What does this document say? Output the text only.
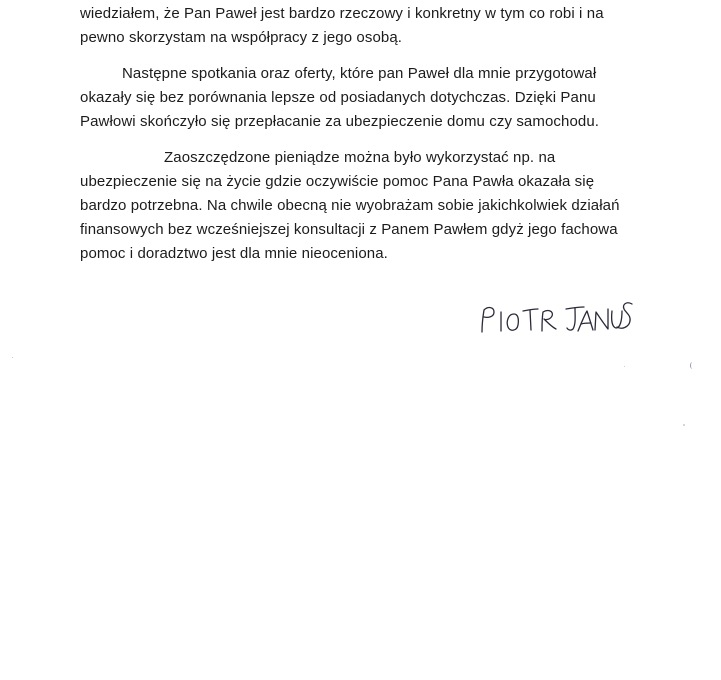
wiedziałem, że Pan Paweł jest bardzo rzeczowy i konkretny w tym co robi i na pewno skorzystam na współpracy z jego osobą.

Następne spotkania oraz oferty, które pan Paweł dla mnie przygotował okazały się bez porównania lepsze od posiadanych dotychczas. Dzięki Panu Pawłowi skończyło się przepłacanie za ubezpieczenie domu czy samochodu.

Zaoszczędzone pieniądze można było wykorzystać np. na ubezpieczenie się na życie gdzie oczywiście pomoc Pana Pawła okazała się bardzo potrzebna. Na chwile obecną nie wyobrażam sobie jakichkolwiek działań finansowych bez wcześniejszej konsultacji z Panem Pawłem gdyż jego fachowa pomoc i doradztwo jest dla mnie nieoceniona.
